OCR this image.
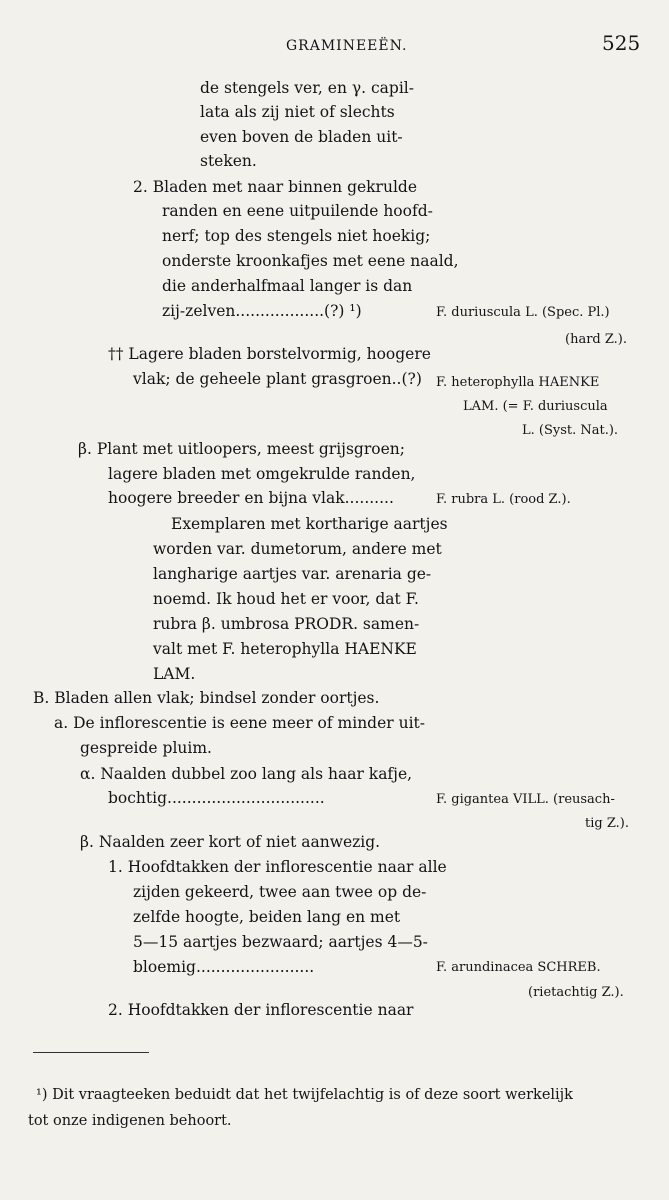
GRAMINEEËN.	525
de stengels ver, en γ. capil-
lata als zij niet of slechts
even boven de bladen uit-
steken.
2. Bladen met naar binnen gekrulde
randen en eene uitpuilende hoofd-
nerf; top des stengels niet hoekig;
onderste kroonkafjes met eene naald,
die anderhalfmaal langer is dan
zij-zelven..................(?) ¹)	F. duriuscula L. (Spec. Pl.)
(hard Z.).
†† Lagere bladen borstelvormig, hoogere
vlak; de geheele plant grasgroen..(?) F. heterophylla HAENKE
LAM. (= F. duriuscula
L. (Syst. Nat.).
β. Plant met uitloopers, meest grijsgroen;
lagere bladen met omgekrulde randen,
hoogere breeder en bijna vlak..........	F. rubra L. (rood Z.).
Exemplaren met kortharige aartjes
worden var. dumetorum, andere met
langharige aartjes var. arenaria ge-
noemd. Ik houd het er voor, dat F.
rubra β. umbrosa PRODR. samen-
valt met F. heterophylla HAENKE
LAM.
B. Bladen allen vlak; bindsel zonder oortjes.
a. De inflorescentie is eene meer of minder uit-
gespreide pluim.
α. Naalden dubbel zoo lang als haar kafje,
bochtig................................	F. gigantea VILL. (reusach-
tig Z.).
β. Naalden zeer kort of niet aanwezig.
1. Hoofdtakken der inflorescentie naar alle
zijden gekeerd, twee aan twee op de-
zelfde hoogte, beiden lang en met
5—15 aartjes bezwaard; aartjes 4—5-
bloemig........................	F. arundinacea SCHREB.
(rietachtig Z.).
2. Hoofdtakken der inflorescentie naar
¹) Dit vraagteeken beduidt dat het twijfelachtig is of deze soort werkelijk
tot onze indigenen behoort.
